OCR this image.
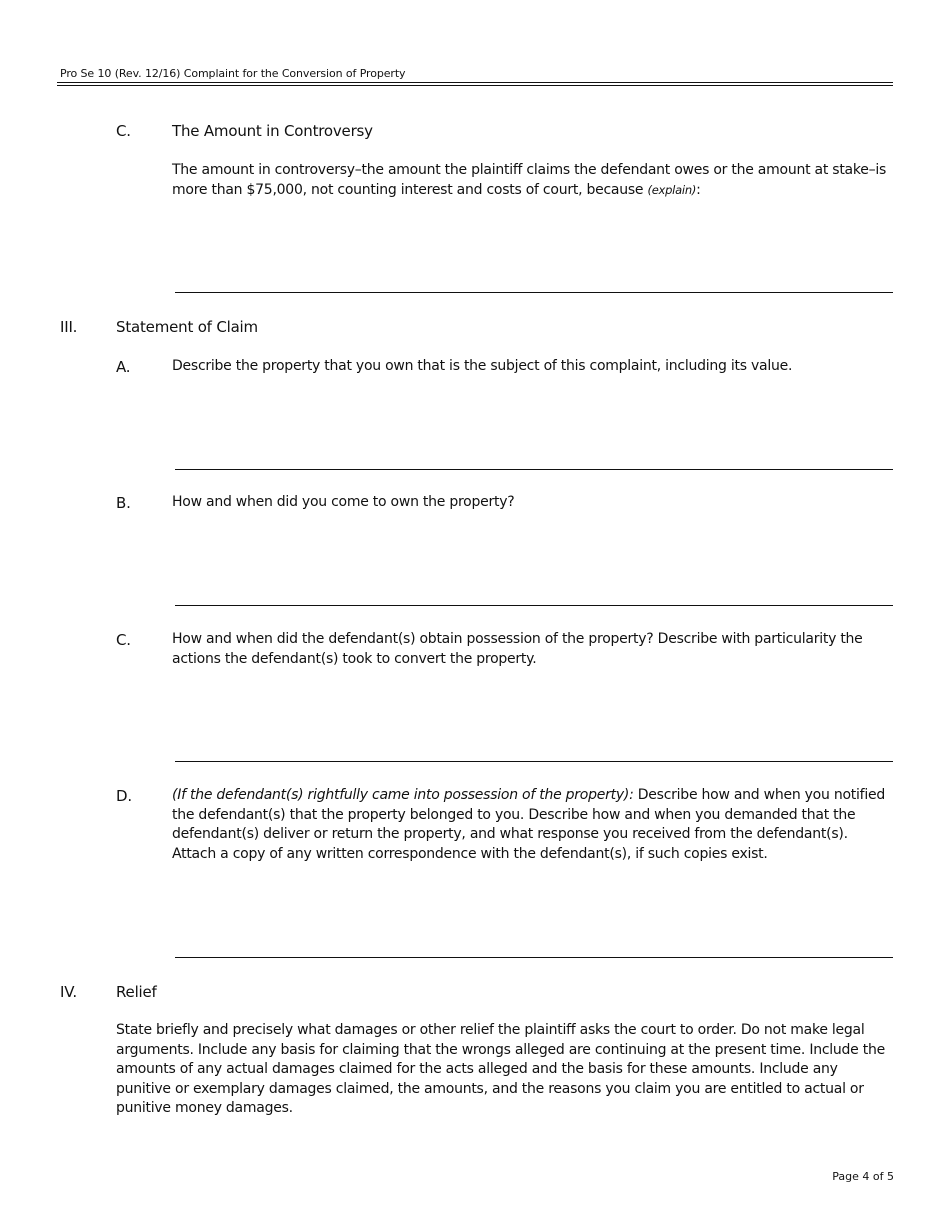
Pro Se 10 (Rev. 12/16) Complaint for the Conversion of Property
C.	The Amount in Controversy
The amount in controversy–the amount the plaintiff claims the defendant owes or the amount at stake–is more than $75,000, not counting interest and costs of court, because (explain):
III.	Statement of Claim
A.	Describe the property that you own that is the subject of this complaint, including its value.
B.	How and when did you come to own the property?
C.	How and when did the defendant(s) obtain possession of the property? Describe with particularity the actions the defendant(s) took to convert the property.
D.	(If the defendant(s) rightfully came into possession of the property): Describe how and when you notified the defendant(s) that the property belonged to you. Describe how and when you demanded that the defendant(s) deliver or return the property, and what response you received from the defendant(s). Attach a copy of any written correspondence with the defendant(s), if such copies exist.
IV.	Relief
State briefly and precisely what damages or other relief the plaintiff asks the court to order. Do not make legal arguments. Include any basis for claiming that the wrongs alleged are continuing at the present time. Include the amounts of any actual damages claimed for the acts alleged and the basis for these amounts. Include any punitive or exemplary damages claimed, the amounts, and the reasons you claim you are entitled to actual or punitive money damages.
Page 4 of 5
